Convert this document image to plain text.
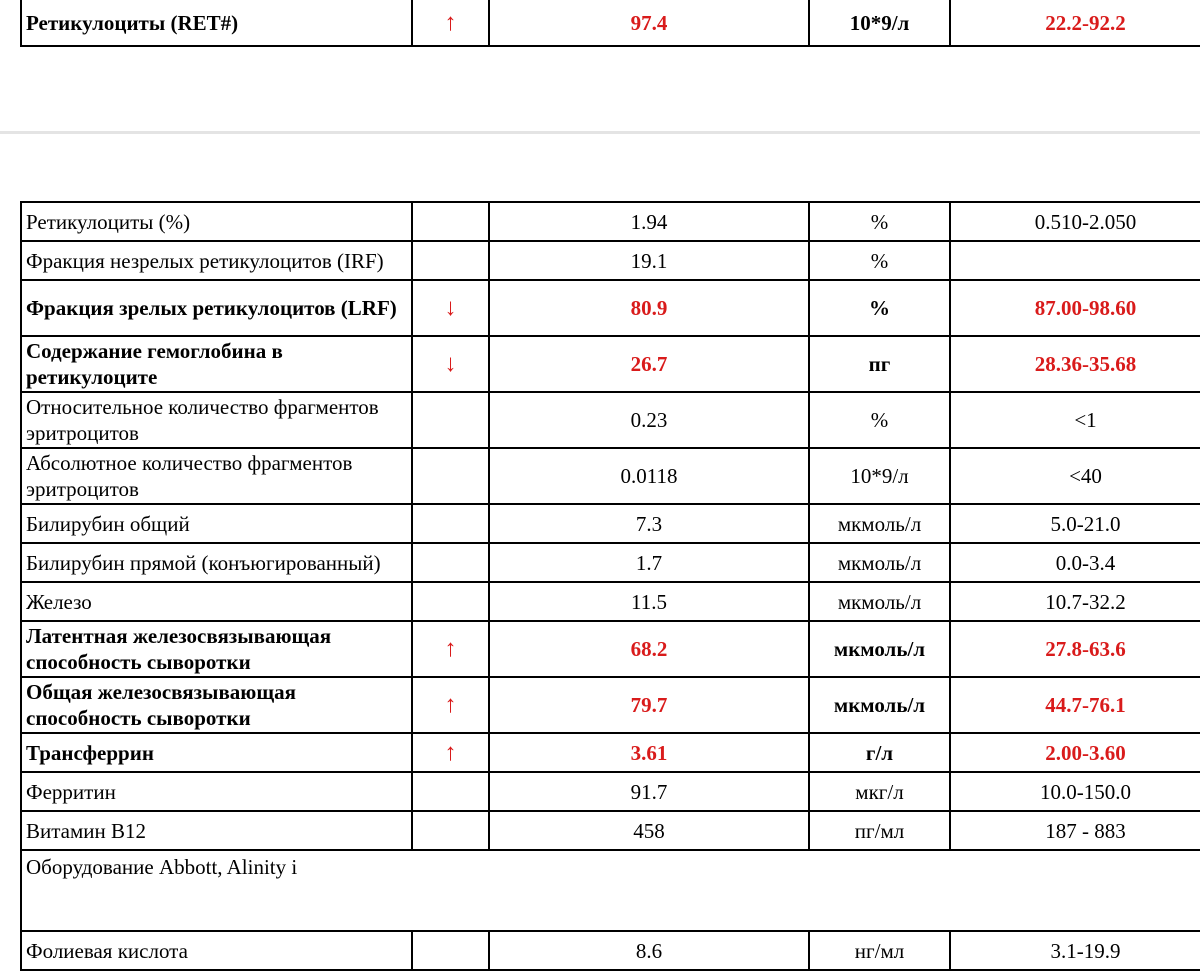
Ретикулоциты (RET#)	↑	97.4	10*9/л	22.2-92.2
Ретикулоциты (%)		1.94	%	0.510-2.050
Фракция незрелых ретикулоцитов (IRF)		19.1	%	
Фракция зрелых ретикулоцитов (LRF)	↓	80.9	%	87.00-98.60
Содержание гемоглобина в ретикулоците	↓	26.7	пг	28.36-35.68
Относительное количество фрагментов эритроцитов		0.23	%	<1
Абсолютное количество фрагментов эритроцитов		0.0118	10*9/л	<40
Билирубин общий		7.3	мкмоль/л	5.0-21.0
Билирубин прямой (конъюгированный)		1.7	мкмоль/л	0.0-3.4
Железо		11.5	мкмоль/л	10.7-32.2
Латентная железосвязывающая способность сыворотки	↑	68.2	мкмоль/л	27.8-63.6
Общая железосвязывающая способность сыворотки	↑	79.7	мкмоль/л	44.7-76.1
Трансферрин	↑	3.61	г/л	2.00-3.60
Ферритин		91.7	мкг/л	10.0-150.0
Витамин B12		458	пг/мл	187 - 883
Оборудование Abbott, Alinity i				
Фолиевая кислота		8.6	нг/мл	3.1-19.9
